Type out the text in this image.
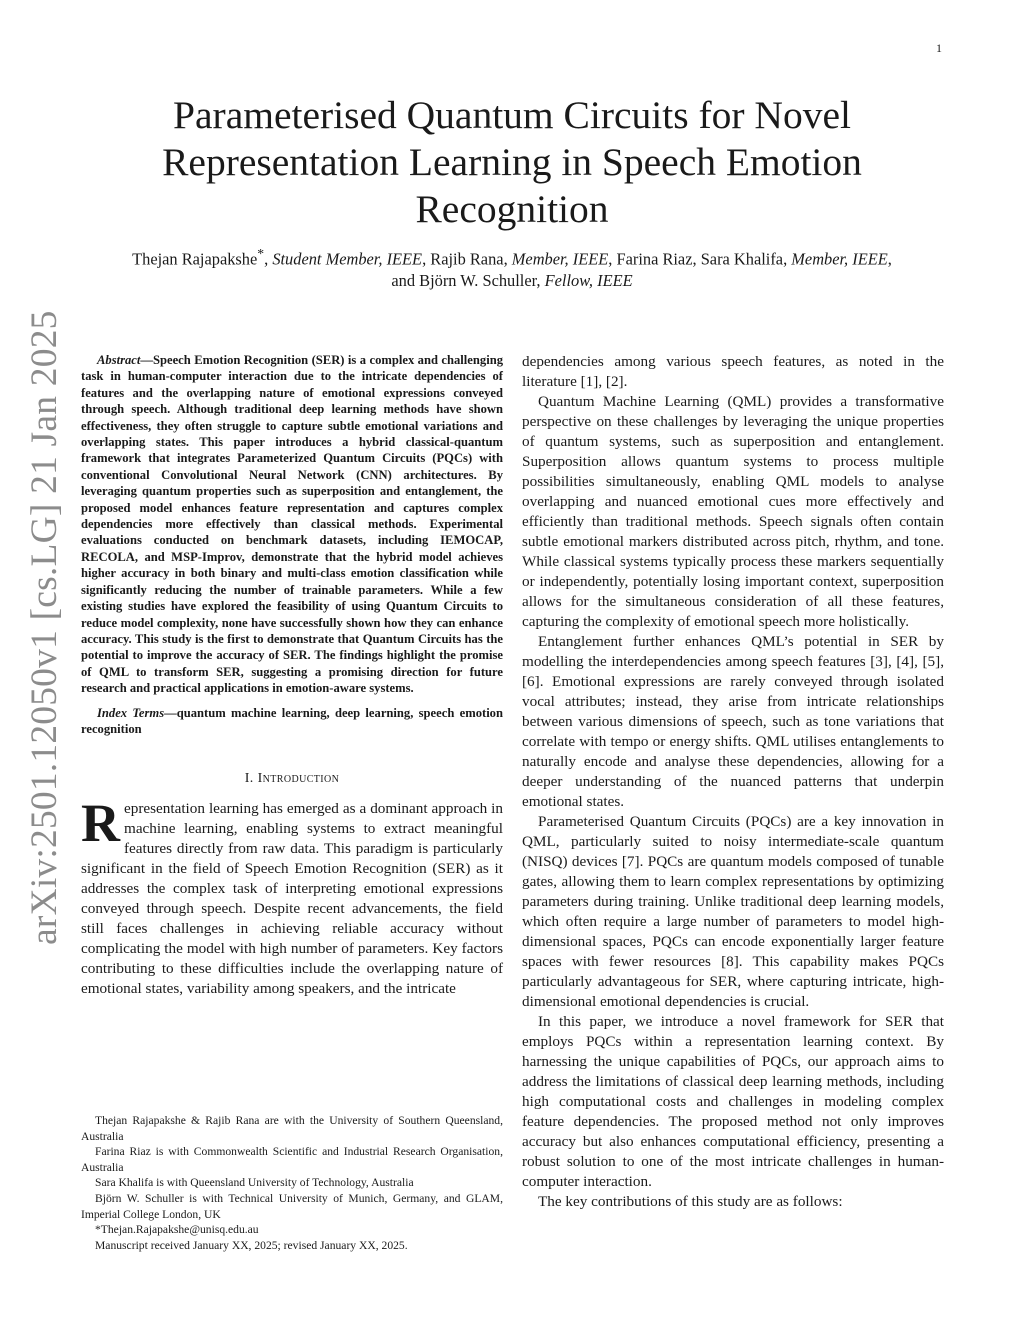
1
arXiv:2501.12050v1 [cs.LG] 21 Jan 2025
Parameterised Quantum Circuits for Novel Representation Learning in Speech Emotion Recognition
Thejan Rajapakshe*, Student Member, IEEE, Rajib Rana, Member, IEEE, Farina Riaz, Sara Khalifa, Member, IEEE, and Björn W. Schuller, Fellow, IEEE

Abstract—Speech Emotion Recognition (SER) is a complex and challenging task in human-computer interaction due to the intricate dependencies of features and the overlapping nature of emotional expressions conveyed through speech. Although traditional deep learning methods have shown effectiveness, they often struggle to capture subtle emotional variations and overlapping states. This paper introduces a hybrid classical-quantum framework that integrates Parameterized Quantum Circuits (PQCs) with conventional Convolutional Neural Network (CNN) architectures. By leveraging quantum properties such as superposition and entanglement, the proposed model enhances feature representation and captures complex dependencies more effectively than classical methods. Experimental evaluations conducted on benchmark datasets, including IEMOCAP, RECOLA, and MSP-Improv, demonstrate that the hybrid model achieves higher accuracy in both binary and multi-class emotion classification while significantly reducing the number of trainable parameters. While a few existing studies have explored the feasibility of using Quantum Circuits to reduce model complexity, none have successfully shown how they can enhance accuracy. This study is the first to demonstrate that Quantum Circuits has the potential to improve the accuracy of SER. The findings highlight the promise of QML to transform SER, suggesting a promising direction for future research and practical applications in emotion-aware systems.

Index Terms—quantum machine learning, deep learning, speech emotion recognition

I. Introduction

Representation learning has emerged as a dominant approach in machine learning, enabling systems to extract meaningful features directly from raw data. This paradigm is particularly significant in the field of Speech Emotion Recognition (SER) as it addresses the complex task of interpreting emotional expressions conveyed through speech. Despite recent advancements, the field still faces challenges in achieving reliable accuracy without complicating the model with high number of parameters. Key factors contributing to these difficulties include the overlapping nature of emotional states, variability among speakers, and the intricate

dependencies among various speech features, as noted in the literature [1], [2].

Quantum Machine Learning (QML) provides a transformative perspective on these challenges by leveraging the unique properties of quantum systems, such as superposition and entanglement. Superposition allows quantum systems to process multiple possibilities simultaneously, enabling QML models to analyse overlapping and nuanced emotional cues more effectively and efficiently than traditional methods. Speech signals often contain subtle emotional markers distributed across pitch, rhythm, and tone. While classical systems typically process these markers sequentially or independently, potentially losing important context, superposition allows for the simultaneous consideration of all these features, capturing the complexity of emotional speech more holistically.

Entanglement further enhances QML’s potential in SER by modelling the interdependencies among speech features [3], [4], [5], [6]. Emotional expressions are rarely conveyed through isolated vocal attributes; instead, they arise from intricate relationships between various dimensions of speech, such as tone variations that correlate with tempo or energy shifts. QML utilises entanglements to naturally encode and analyse these dependencies, allowing for a deeper understanding of the nuanced patterns that underpin emotional states.

Parameterised Quantum Circuits (PQCs) are a key innovation in QML, particularly suited to noisy intermediate-scale quantum (NISQ) devices [7]. PQCs are quantum models composed of tunable gates, allowing them to learn complex representations by optimizing parameters during training. Unlike traditional deep learning models, which often require a large number of parameters to model high-dimensional spaces, PQCs can encode exponentially larger feature spaces with fewer resources [8]. This capability makes PQCs particularly advantageous for SER, where capturing intricate, high-dimensional emotional dependencies is crucial.

In this paper, we introduce a novel framework for SER that employs PQCs within a representation learning context. By harnessing the unique capabilities of PQCs, our approach aims to address the limitations of classical deep learning methods, including high computational costs and challenges in modeling complex feature dependencies. The proposed method not only improves accuracy but also enhances computational efficiency, presenting a robust solution to one of the most intricate challenges in human-computer interaction.

The key contributions of this study are as follows:

Thejan Rajapakshe & Rajib Rana are with the University of Southern Queensland, Australia

Farina Riaz is with Commonwealth Scientific and Industrial Research Organisation, Australia

Sara Khalifa is with Queensland University of Technology, Australia

Björn W. Schuller is with Technical University of Munich, Germany, and GLAM, Imperial College London, UK

*Thejan.Rajapakshe@unisq.edu.au

Manuscript received January XX, 2025; revised January XX, 2025.
